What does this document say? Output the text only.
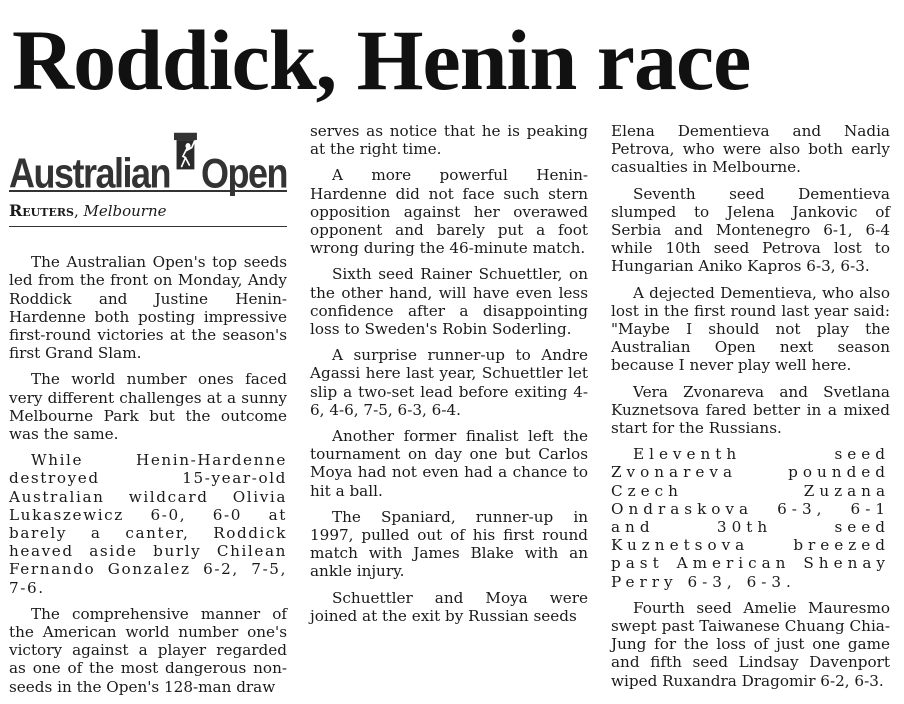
Roddick, Henin race
Australian Open
Reuters, Melbourne

The Australian Open's top seeds led from the front on Monday, Andy Roddick and Justine Henin-Hardenne both posting impressive first-round victories at the season's first Grand Slam.

The world number ones faced very different challenges at a sunny Melbourne Park but the outcome was the same.

While Henin-Hardenne destroyed 15-year-old Australian wildcard Olivia Lukaszewicz 6-0, 6-0 at barely a canter, Roddick heaved aside burly Chilean Fernando Gonzalez 6-2, 7-5, 7-6.

The comprehensive manner of the American world number one's victory against a player regarded as one of the most dangerous non-seeds in the Open's 128-man draw

serves as notice that he is peaking at the right time.

A more powerful Henin-Hardenne did not face such stern opposition against her overawed opponent and barely put a foot wrong during the 46-minute match.

Sixth seed Rainer Schuettler, on the other hand, will have even less confidence after a disappointing loss to Sweden's Robin Soderling.

A surprise runner-up to Andre Agassi here last year, Schuettler let slip a two-set lead before exiting 4-6, 4-6, 7-5, 6-3, 6-4.

Another former finalist left the tournament on day one but Carlos Moya had not even had a chance to hit a ball.

The Spaniard, runner-up in 1997, pulled out of his first round match with James Blake with an ankle injury.

Schuettler and Moya were joined at the exit by Russian seeds

Elena Dementieva and Nadia Petrova, who were also both early casualties in Melbourne.

Seventh seed Dementieva slumped to Jelena Jankovic of Serbia and Montenegro 6-1, 6-4 while 10th seed Petrova lost to Hungarian Aniko Kapros 6-3, 6-3.

A dejected Dementieva, who also lost in the first round last year said: "Maybe I should not play the Australian Open next season because I never play well here.

Vera Zvonareva and Svetlana Kuznetsova fared better in a mixed start for the Russians.

Eleventh seed Zvonareva pounded Czech Zuzana Ondraskova 6-3, 6-1 and 30th seed Kuznetsova breezed past American Shenay Perry 6-3, 6-3.

Fourth seed Amelie Mauresmo swept past Taiwanese Chuang Chia-Jung for the loss of just one game and fifth seed Lindsay Davenport wiped Ruxandra Dragomir 6-2, 6-3.
